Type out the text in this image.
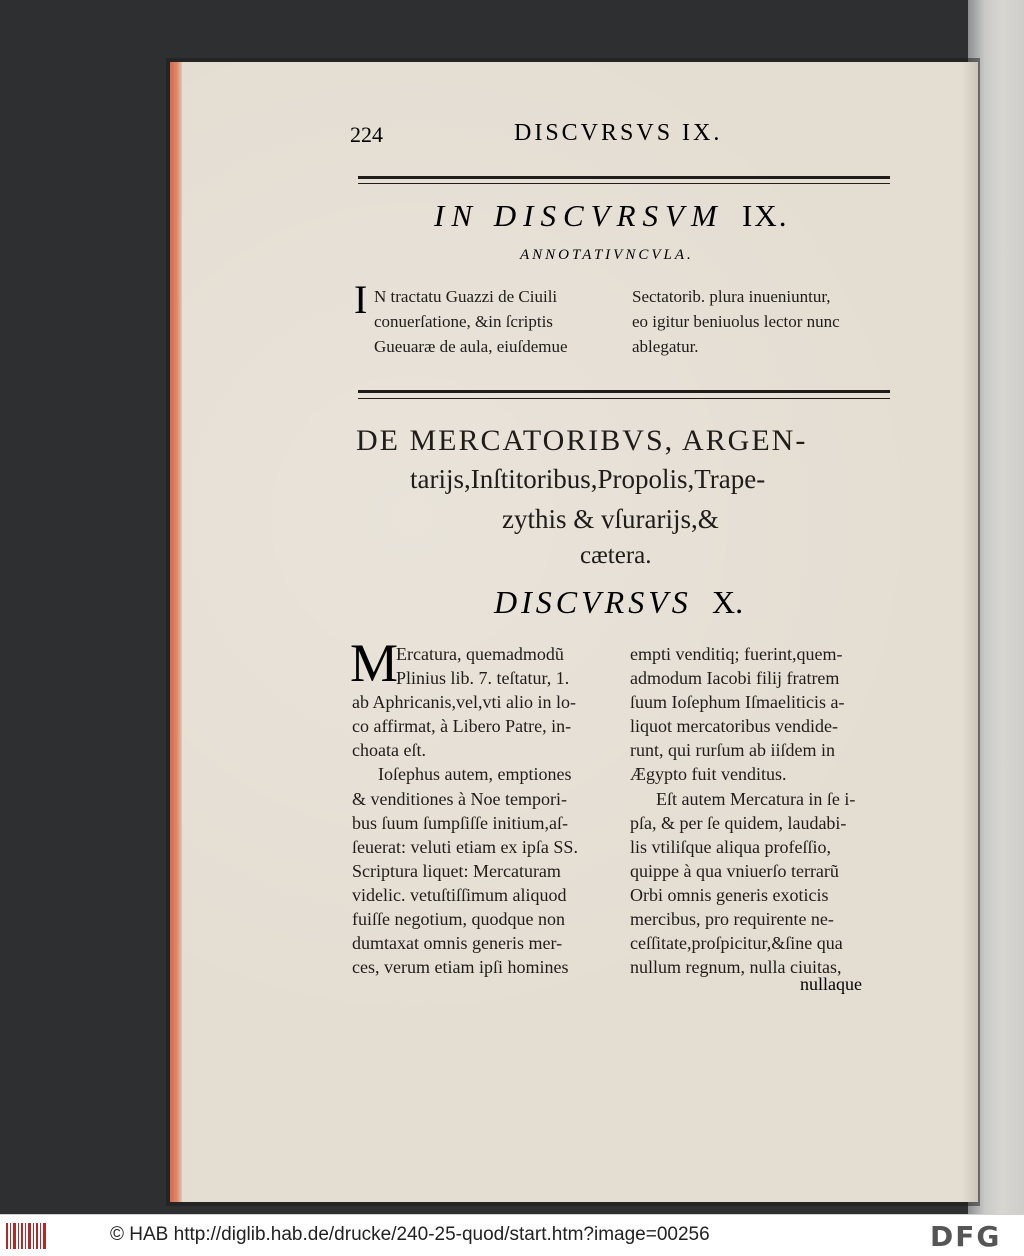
224	DISCVRSVS IX.
IN DISCVRSVM IX.
ANNOTATIVNCVLA.
I N tractatu Guazzi de Ciuili
conuerſatione, &in ſcriptis
Gueuaræ de aula, eiuſdemue
Sectatorib. plura inueniuntur,
eo igitur beniuolus lector nunc
ablegatur.
DE MERCATORIBVS, ARGEN-
tarijs,Inſtitoribus,Propolis,Trape-
zythis & vſurarijs,&
cætera.
DISCVRSVS X.
M
Ercatura, quemadmodũ
Plinius lib. 7. teſtatur, 1.
ab Aphricanis,vel,vti alio in lo-
co affirmat, à Libero Patre, in-
choata eſt.
Ioſephus autem, emptiones
& venditiones à Noe tempori-
bus ſuum ſumpſiſſe initium,aſ-
ſeuerat: veluti etiam ex ipſa SS.
Scriptura liquet: Mercaturam
videlic. vetuſtiſſimum aliquod
fuiſſe negotium, quodque non
dumtaxat omnis generis mer-
ces, verum etiam ipſi homines
empti venditiq; fuerint,quem-
admodum Iacobi filij fratrem
ſuum Ioſephum Iſmaeliticis a-
liquot mercatoribus vendide-
runt, qui rurſum ab iiſdem in
Ægypto fuit venditus.
Eſt autem Mercatura in ſe i-
pſa, & per ſe quidem, laudabi-
lis vtiliſque aliqua profeſſio,
quippe à qua vniuerſo terrarũ
Orbi omnis generis exoticis
mercibus, pro requirente ne-
ceſſitate,proſpicitur,&ſine qua
nullum regnum, nulla ciuitas,
nullaque
© HAB http://diglib.hab.de/drucke/240-25-quod/start.htm?image=00256	DFG
